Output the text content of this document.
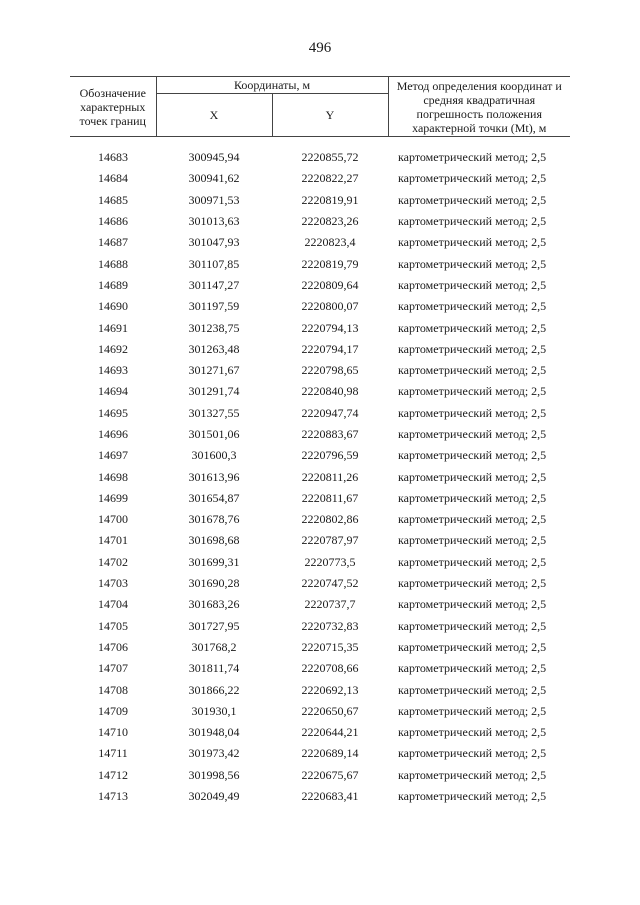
496
Обозначение характерных точек границ	Координаты, м		Метод определения координат и средняя квадратичная погрешность положения характерной точки (Mt), м
	X	Y	

14683	300945,94	2220855,72	картометрический метод; 2,5
14684	300941,62	2220822,27	картометрический метод; 2,5
14685	300971,53	2220819,91	картометрический метод; 2,5
14686	301013,63	2220823,26	картометрический метод; 2,5
14687	301047,93	2220823,4	картометрический метод; 2,5
14688	301107,85	2220819,79	картометрический метод; 2,5
14689	301147,27	2220809,64	картометрический метод; 2,5
14690	301197,59	2220800,07	картометрический метод; 2,5
14691	301238,75	2220794,13	картометрический метод; 2,5
14692	301263,48	2220794,17	картометрический метод; 2,5
14693	301271,67	2220798,65	картометрический метод; 2,5
14694	301291,74	2220840,98	картометрический метод; 2,5
14695	301327,55	2220947,74	картометрический метод; 2,5
14696	301501,06	2220883,67	картометрический метод; 2,5
14697	301600,3	2220796,59	картометрический метод; 2,5
14698	301613,96	2220811,26	картометрический метод; 2,5
14699	301654,87	2220811,67	картометрический метод; 2,5
14700	301678,76	2220802,86	картометрический метод; 2,5
14701	301698,68	2220787,97	картометрический метод; 2,5
14702	301699,31	2220773,5	картометрический метод; 2,5
14703	301690,28	2220747,52	картометрический метод; 2,5
14704	301683,26	2220737,7	картометрический метод; 2,5
14705	301727,95	2220732,83	картометрический метод; 2,5
14706	301768,2	2220715,35	картометрический метод; 2,5
14707	301811,74	2220708,66	картометрический метод; 2,5
14708	301866,22	2220692,13	картометрический метод; 2,5
14709	301930,1	2220650,67	картометрический метод; 2,5
14710	301948,04	2220644,21	картометрический метод; 2,5
14711	301973,42	2220689,14	картометрический метод; 2,5
14712	301998,56	2220675,67	картометрический метод; 2,5
14713	302049,49	2220683,41	картометрический метод; 2,5
